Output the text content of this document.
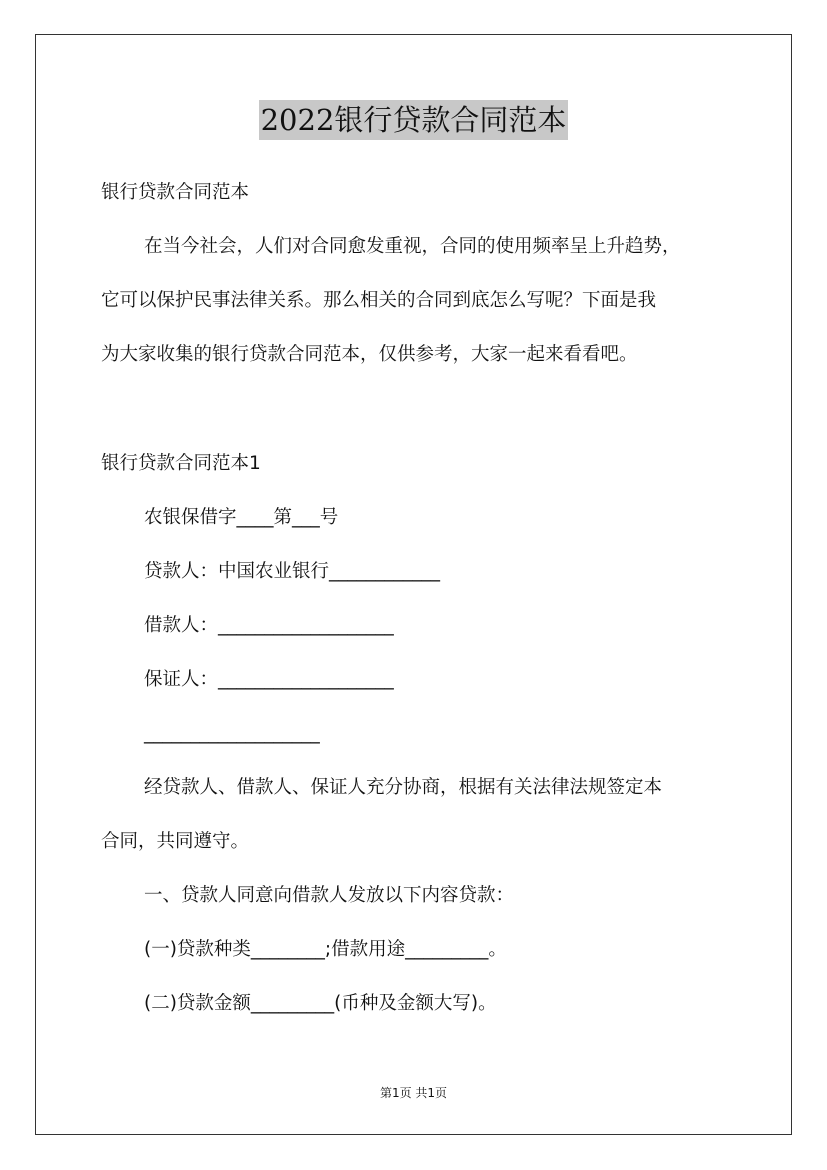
2022银行贷款合同范本
银行贷款合同范本
在当今社会，人们对合同愈发重视，合同的使用频率呈上升趋势，
它可以保护民事法律关系。那么相关的合同到底怎么写呢？下面是我
为大家收集的银行贷款合同范本，仅供参考，大家一起来看看吧。
银行贷款合同范本1
农银保借字____第___号
贷款人：中国农业银行____________
借款人：___________________
保证人：___________________
___________________
经贷款人、借款人、保证人充分协商，根据有关法律法规签定本
合同，共同遵守。
一、贷款人同意向借款人发放以下内容贷款：
(一)贷款种类________;借款用途_________。
(二)贷款金额_________(币种及金额大写)。
第1页 共1页
